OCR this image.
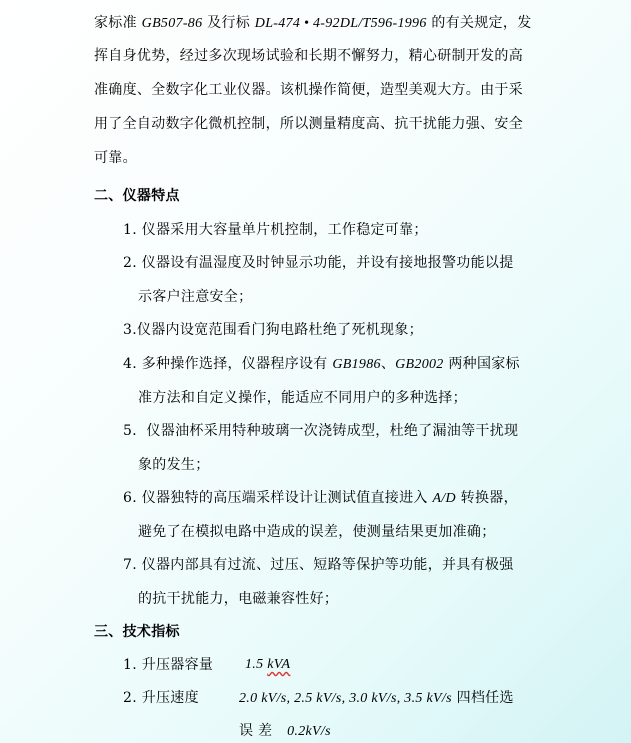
家标准 GB507-86 及行标 DL-474 • 4-92DL/T596-1996 的有关规定，发
挥自身优势，经过多次现场试验和长期不懈努力，精心研制开发的高
准确度、全数字化工业仪器。该机操作简便，造型美观大方。由于采
用了全自动数字化微机控制，所以测量精度高、抗干扰能力强、安全
可靠。
二、仪器特点
1. 仪器采用大容量单片机控制，工作稳定可靠；
2. 仪器设有温湿度及时钟显示功能，并设有接地报警功能以提
示客户注意安全；
3.仪器内设宽范围看门狗电路杜绝了死机现象；
4. 多种操作选择，仪器程序设有 GB1986、GB2002 两种国家标
准方法和自定义操作，能适应不同用户的多种选择；
5．仪器油杯采用特种玻璃一次浇铸成型，杜绝了漏油等干扰现
象的发生；
6. 仪器独特的高压端采样设计让测试值直接进入 A/D 转换器，
避免了在模拟电路中造成的误差，使测量结果更加准确；
7. 仪器内部具有过流、过压、短路等保护等功能，并具有极强
的抗干扰能力，电磁兼容性好；
三、技术指标
1. 升压器容量 1.5 kVA
2. 升压速度	2.0 kV/s, 2.5 kV/s, 3.0 kV/s, 3.5 kV/s 四档任选
误 差 0.2kV/s
